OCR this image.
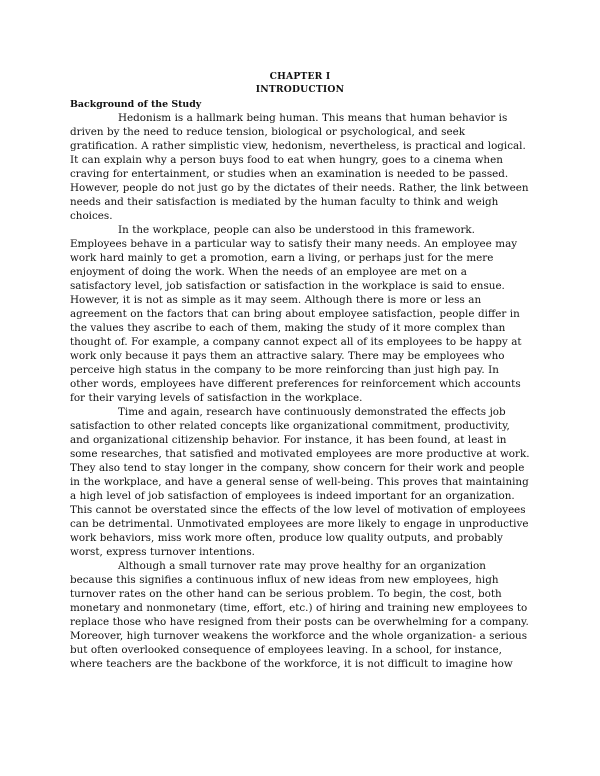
CHAPTER I
INTRODUCTION
Background of the Study

Hedonism is a hallmark being human. This means that human behavior is driven by the need to reduce tension, biological or psychological, and seek gratification. A rather simplistic view, hedonism, nevertheless, is practical and logical. It can explain why a person buys food to eat when hungry, goes to a cinema when craving for entertainment, or studies when an examination is needed to be passed. However, people do not just go by the dictates of their needs. Rather, the link between needs and their satisfaction is mediated by the human faculty to think and weigh choices.

In the workplace, people can also be understood in this framework. Employees behave in a particular way to satisfy their many needs. An employee may work hard mainly to get a promotion, earn a living, or perhaps just for the mere enjoyment of doing the work. When the needs of an employee are met on a satisfactory level, job satisfaction or satisfaction in the workplace is said to ensue. However, it is not as simple as it may seem. Although there is more or less an agreement on the factors that can bring about employee satisfaction, people differ in the values they ascribe to each of them, making the study of it more complex than thought of. For example, a company cannot expect all of its employees to be happy at work only because it pays them an attractive salary. There may be employees who perceive high status in the company to be more reinforcing than just high pay. In other words, employees have different preferences for reinforcement which accounts for their varying levels of satisfaction in the workplace.

Time and again, research have continuously demonstrated the effects job satisfaction to other related concepts like organizational commitment, productivity, and organizational citizenship behavior. For instance, it has been found, at least in some researches, that satisfied and motivated employees are more productive at work. They also tend to stay longer in the company, show concern for their work and people in the workplace, and have a general sense of well-being. This proves that maintaining a high level of job satisfaction of employees is indeed important for an organization. This cannot be overstated since the effects of the low level of motivation of employees can be detrimental. Unmotivated employees are more likely to engage in unproductive work behaviors, miss work more often, produce low quality outputs, and probably worst, express turnover intentions.

Although a small turnover rate may prove healthy for an organization because this signifies a continuous influx of new ideas from new employees, high turnover rates on the other hand can be serious problem. To begin, the cost, both monetary and nonmonetary (time, effort, etc.) of hiring and training new employees to replace those who have resigned from their posts can be overwhelming for a company. Moreover, high turnover weakens the workforce and the whole organization- a serious but often overlooked consequence of employees leaving. In a school, for instance, where teachers are the backbone of the workforce, it is not difficult to imagine how
